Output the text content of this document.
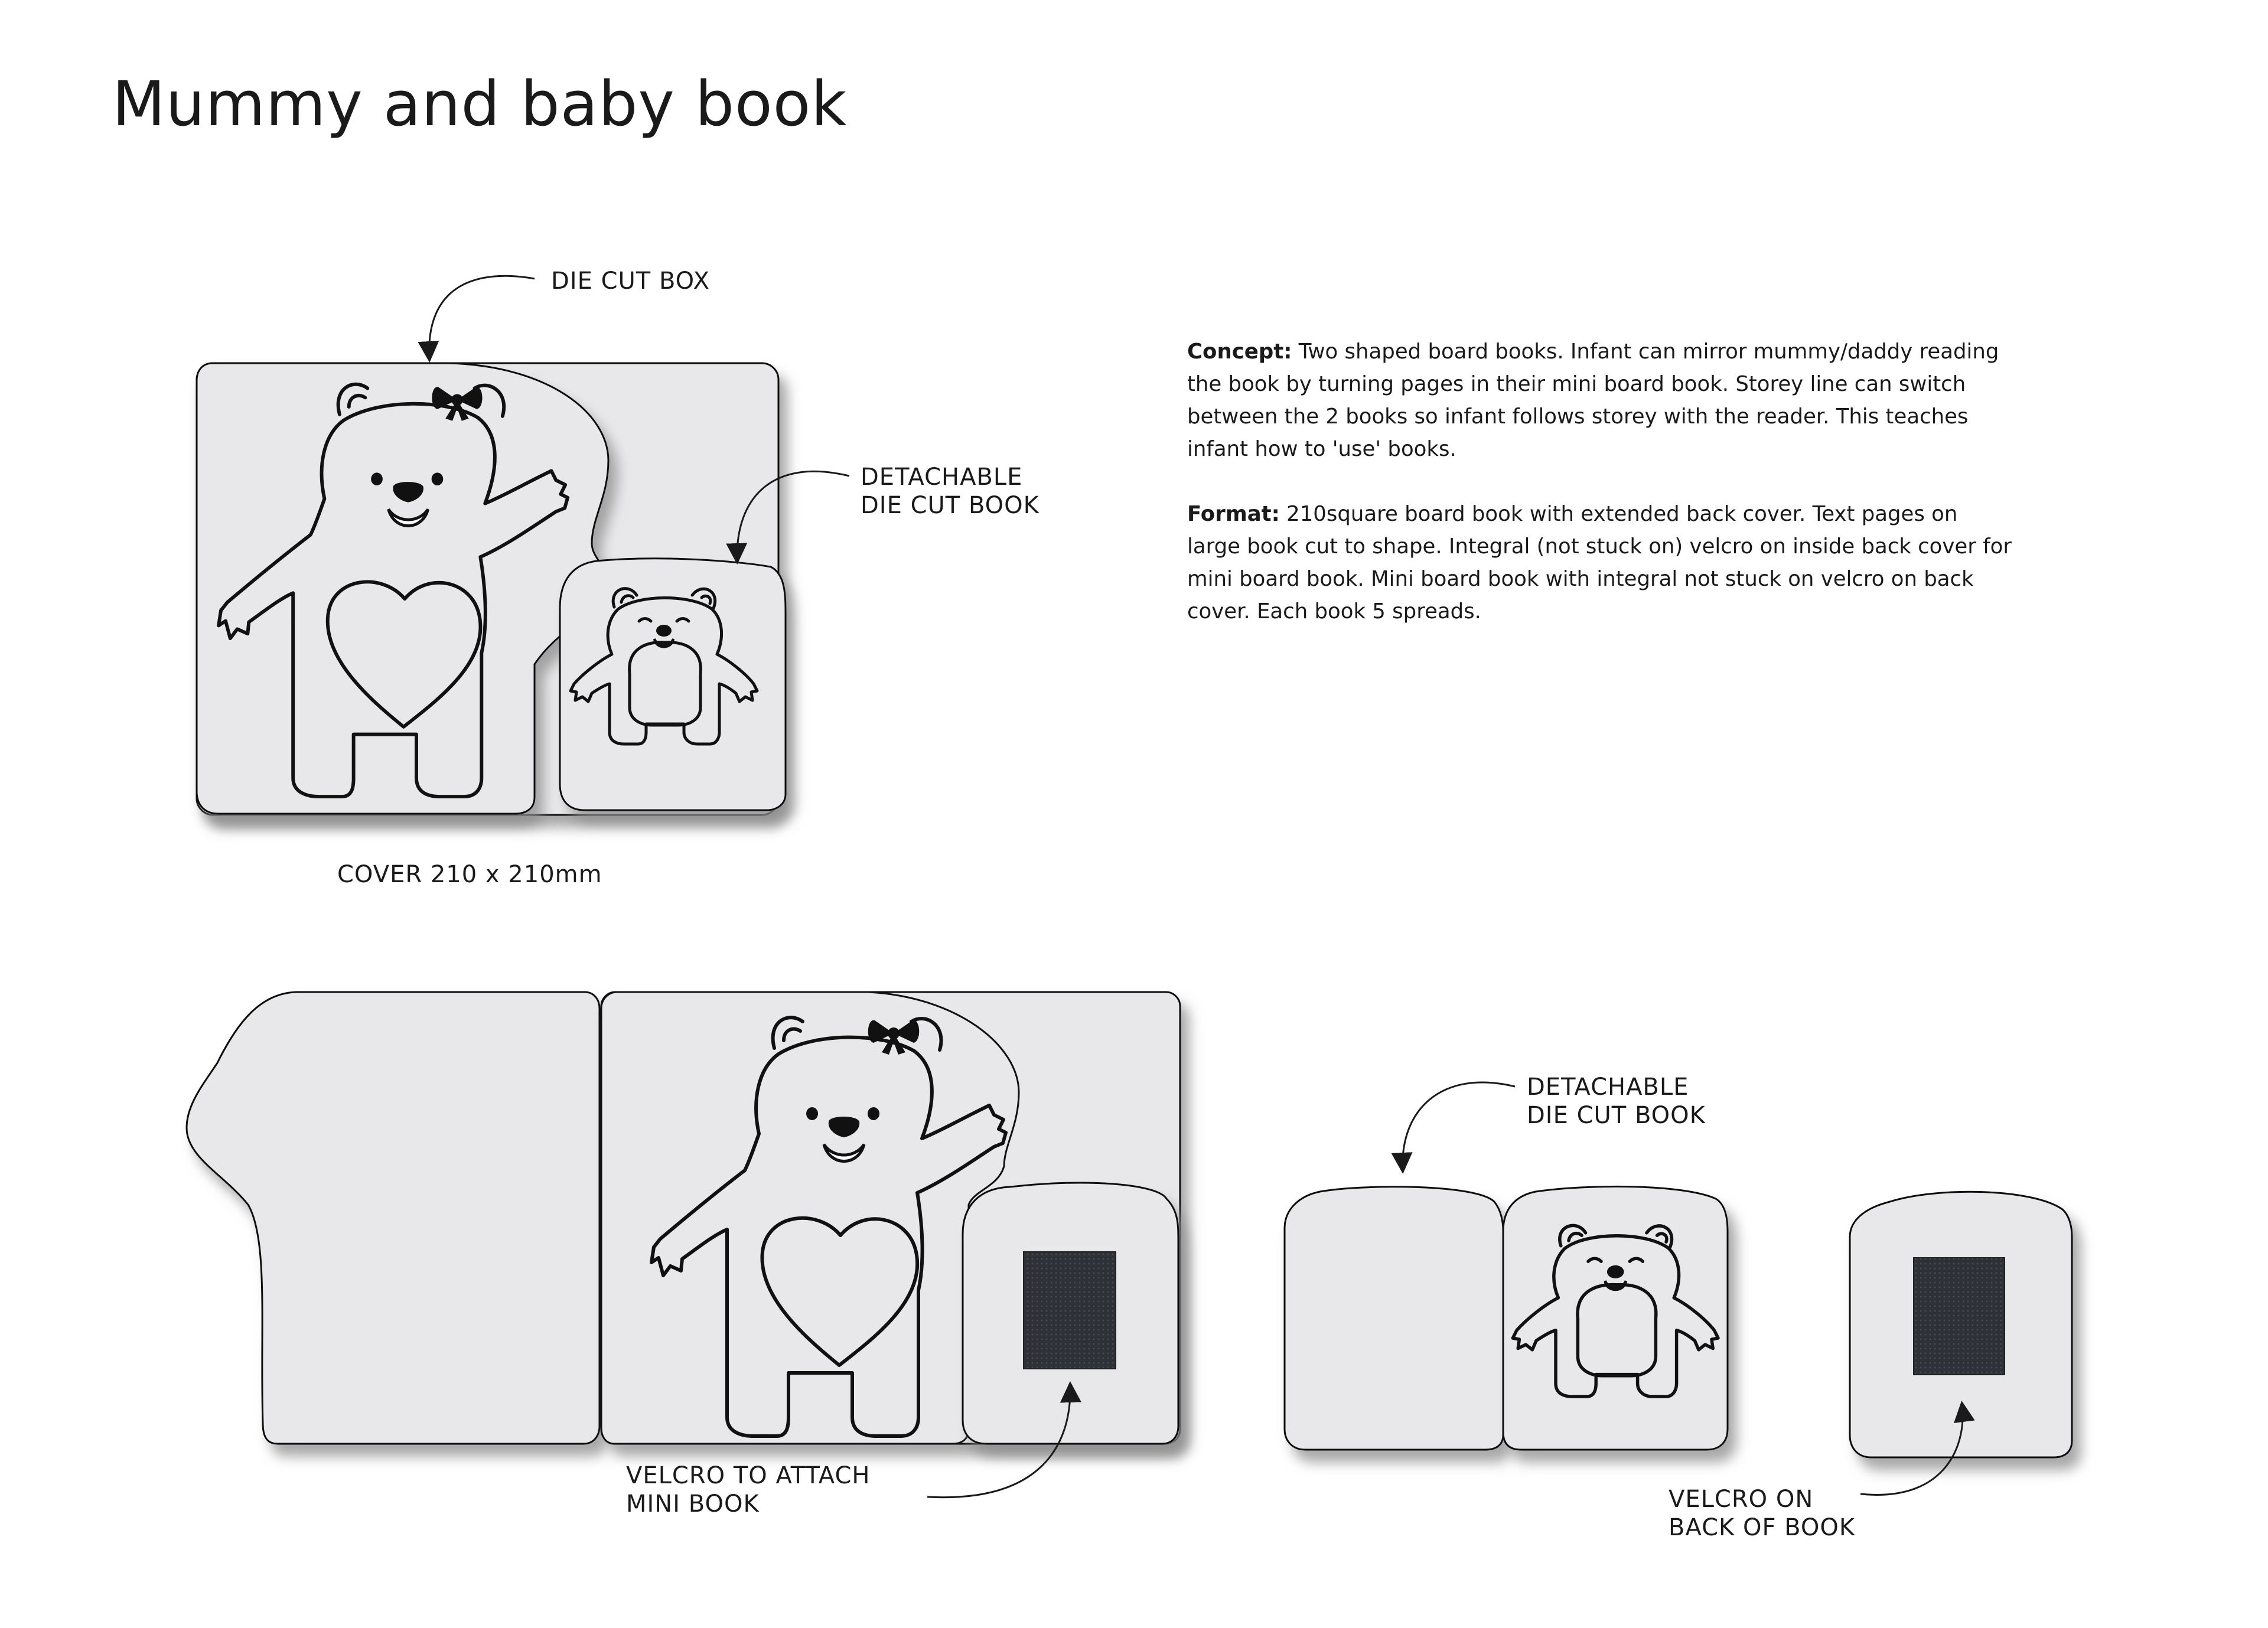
Mummy and baby book
DIE CUT BOX
DETACHABLE
DIE CUT BOOK
COVER 210 x 210mm
DETACHABLE
DIE CUT BOOK
VELCRO TO ATTACH
MINI BOOK	VELCRO ON
BACK OF BOOK

Concept: Two shaped board books. Infant can mirror mummy/daddy reading the book by turning pages in their mini board book. Storey line can switch between the 2 books so infant follows storey with the reader. This teaches infant how to 'use' books.

Format: 210square board book with extended back cover. Text pages on large book cut to shape. Integral (not stuck on) velcro on inside back cover for mini board book. Mini board book with integral not stuck on velcro on back cover. Each book 5 spreads.
